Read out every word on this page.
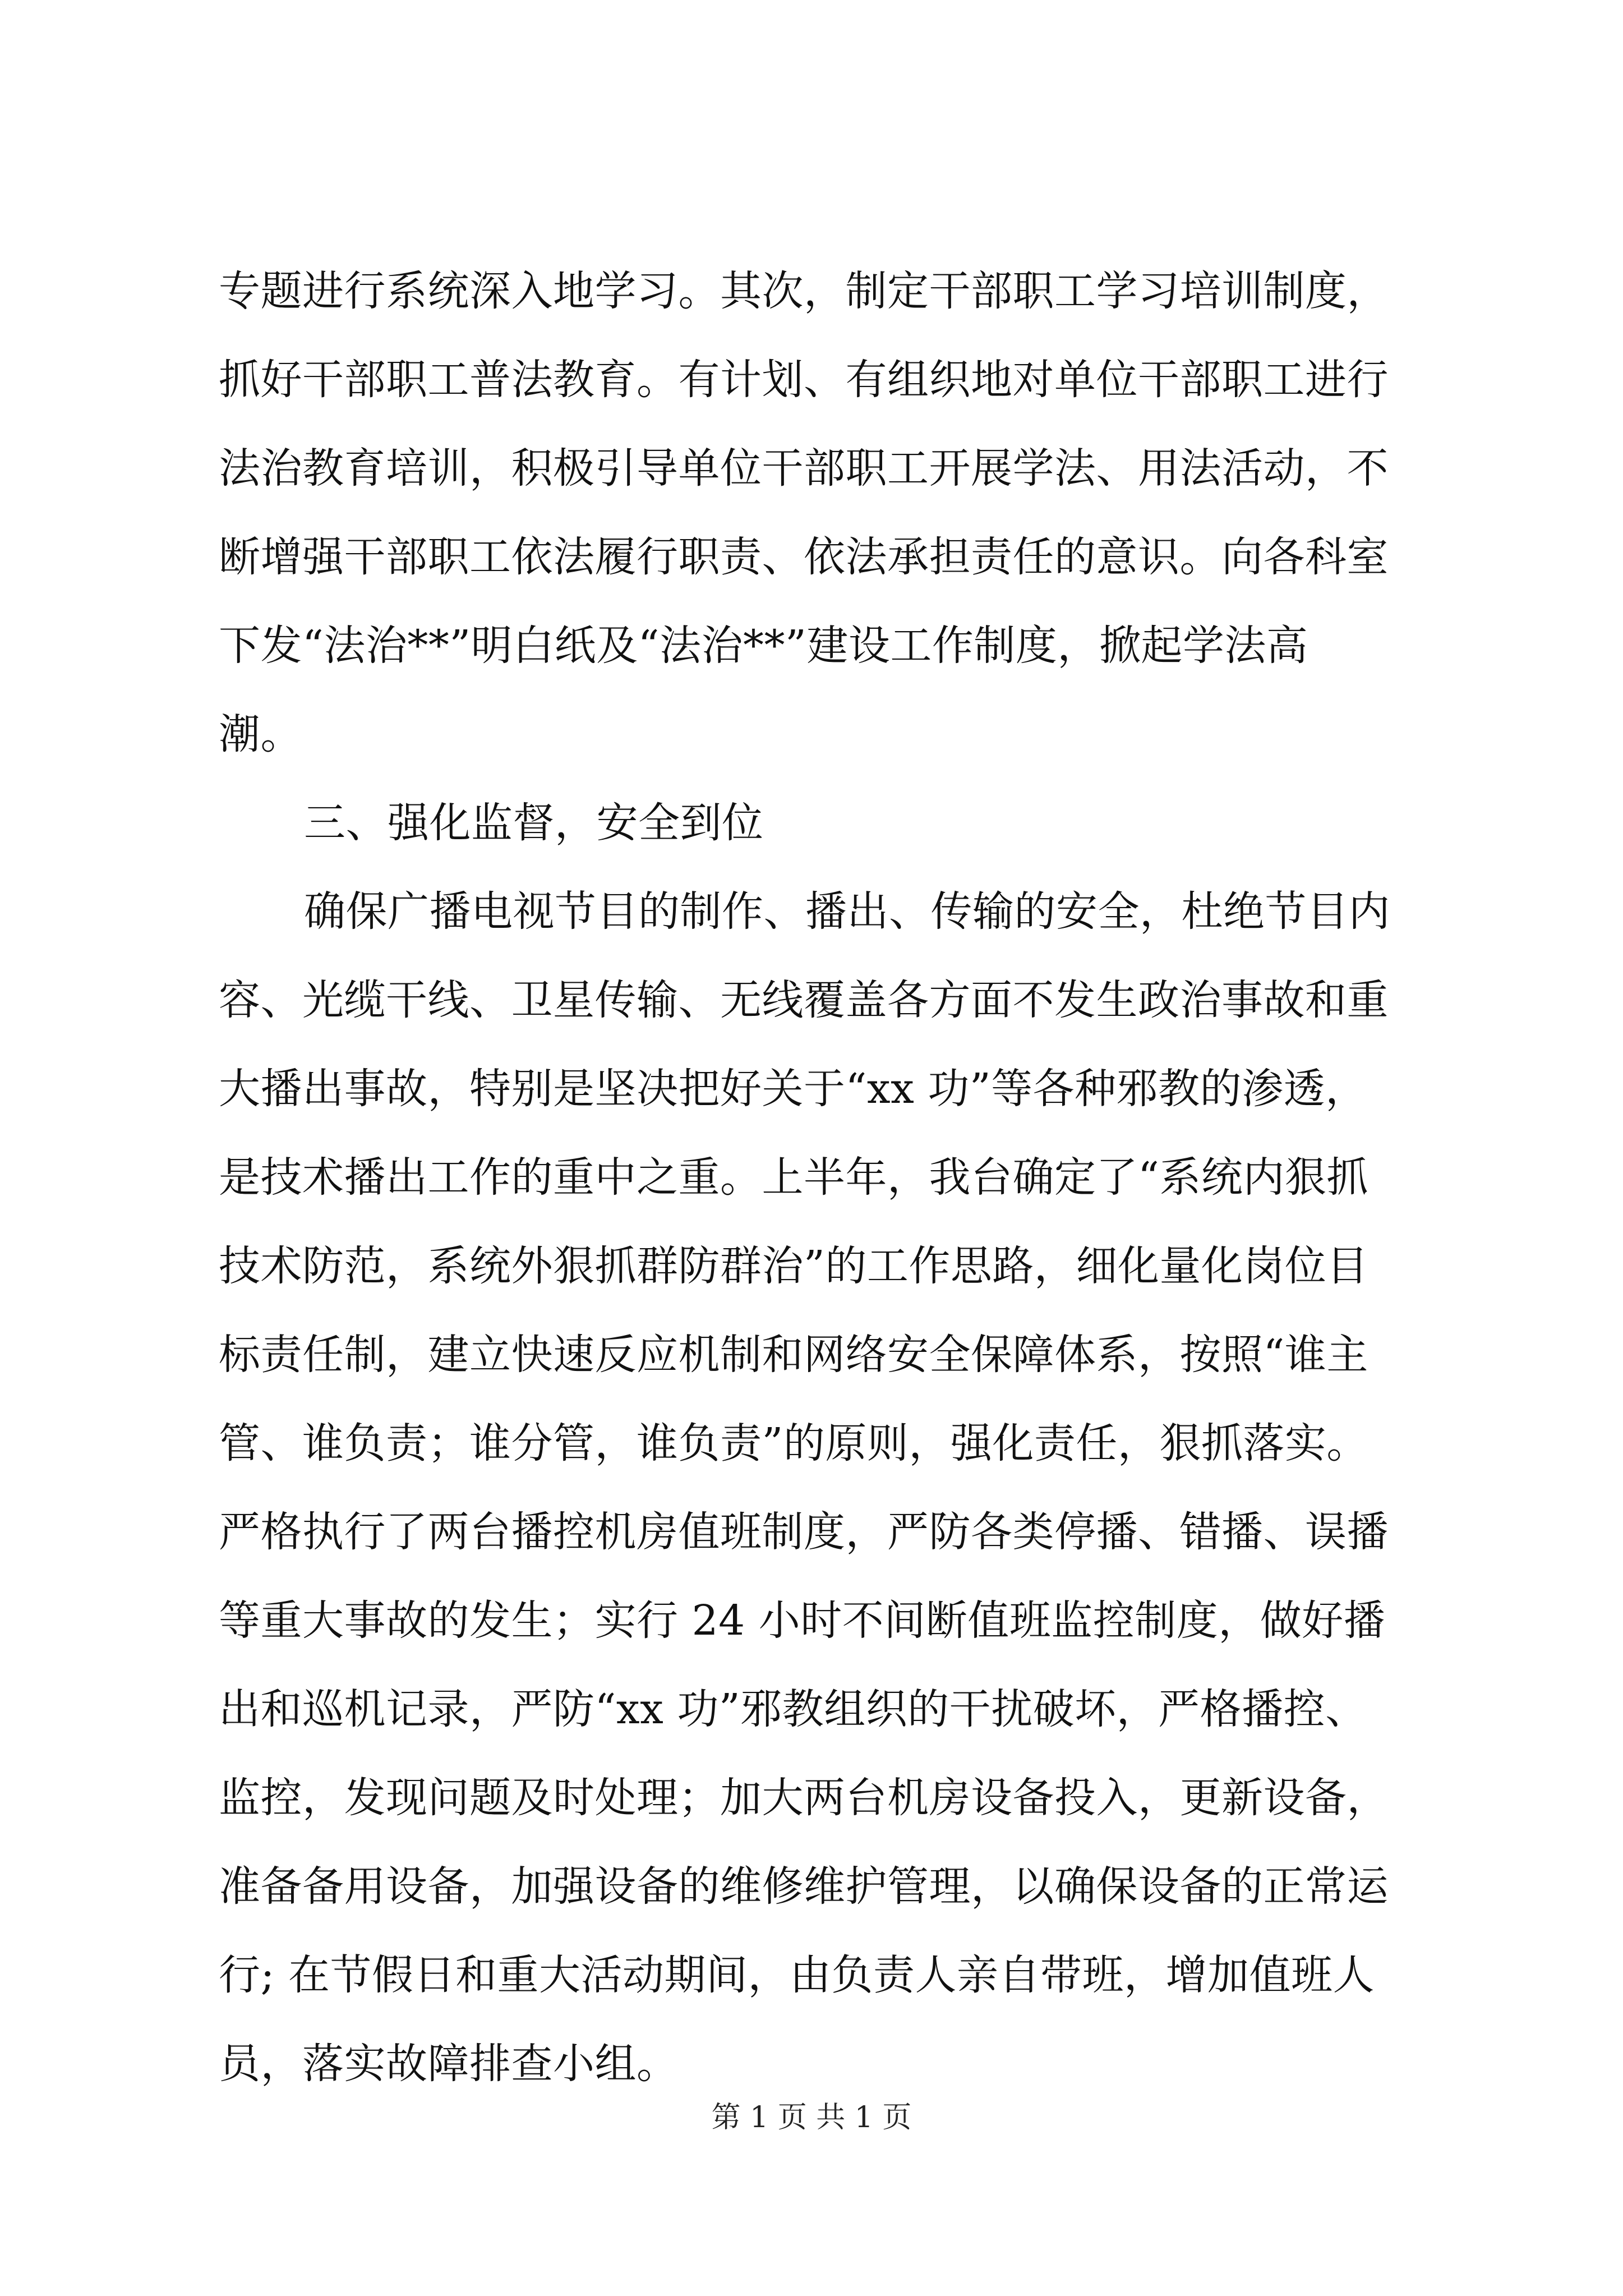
专题进行系统深入地学习。其次，制定干部职工学习培训制度，
抓好干部职工普法教育。有计划、有组织地对单位干部职工进行
法治教育培训，积极引导单位干部职工开展学法、用法活动，不
断增强干部职工依法履行职责、依法承担责任的意识。向各科室
下发“法治**”明白纸及“法治**”建设工作制度，掀起学法高
潮。
三、强化监督，安全到位
确保广播电视节目的制作、播出、传输的安全，杜绝节目内
容、光缆干线、卫星传输、无线覆盖各方面不发生政治事故和重
大播出事故，特别是坚决把好关于“xx 功”等各种邪教的渗透，
是技术播出工作的重中之重。上半年，我台确定了“系统内狠抓
技术防范，系统外狠抓群防群治”的工作思路，细化量化岗位目
标责任制，建立快速反应机制和网络安全保障体系，按照“谁主
管、谁负责；谁分管，谁负责”的原则，强化责任，狠抓落实。
严格执行了两台播控机房值班制度，严防各类停播、错播、误播
等重大事故的发生；实行 24 小时不间断值班监控制度，做好播
出和巡机记录，严防“xx 功”邪教组织的干扰破坏，严格播控、
监控，发现问题及时处理；加大两台机房设备投入，更新设备，
准备备用设备，加强设备的维修维护管理，以确保设备的正常运
行; 在节假日和重大活动期间，由负责人亲自带班，增加值班人
员，落实故障排查小组。
第 1 页 共 1 页
